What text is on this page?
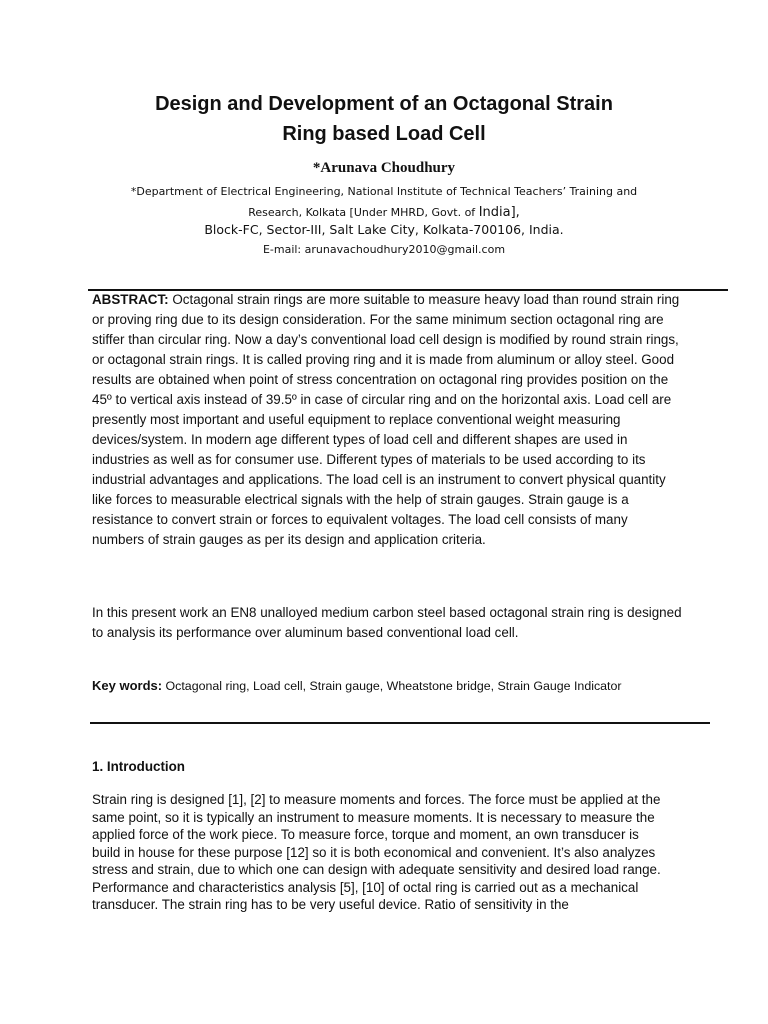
Design and Development of an Octagonal Strain
Ring based Load Cell

*Arunava Choudhury

*Department of Electrical Engineering, National Institute of Technical Teachers’ Training and
Research, Kolkata [Under MHRD, Govt. of India],

Block-FC, Sector-III, Salt Lake City, Kolkata-700106, India.

E-mail: arunavachoudhury2010@gmail.com

ABSTRACT: Octagonal strain rings are more suitable to measure heavy load than round strain ring or proving ring due to its design consideration. For the same minimum section octagonal ring are stiffer than circular ring. Now a day’s conventional load cell design is modified by round strain rings, or octagonal strain rings. It is called proving ring and it is made from aluminum or alloy steel. Good results are obtained when point of stress concentration on octagonal ring provides position on the 45º to vertical axis instead of 39.5º in case of circular ring and on the horizontal axis. Load cell are presently most important and useful equipment to replace conventional weight measuring devices/system. In modern age different types of load cell and different shapes are used in industries as well as for consumer use. Different types of materials to be used according to its industrial advantages and applications. The load cell is an instrument to convert physical quantity like forces to measurable electrical signals with the help of strain gauges. Strain gauge is a resistance to convert strain or forces to equivalent voltages. The load cell consists of many numbers of strain gauges as per its design and application criteria.

In this present work an EN8 unalloyed medium carbon steel based octagonal strain ring is designed to analysis its performance over aluminum based conventional load cell.

Key words: Octagonal ring, Load cell, Strain gauge, Wheatstone bridge, Strain Gauge Indicator

1. Introduction

Strain ring is designed [1], [2] to measure moments and forces. The force must be applied at the same point, so it is typically an instrument to measure moments. It is necessary to measure the applied force of the work piece. To measure force, torque and moment, an own transducer is build in house for these purpose [12] so it is both economical and convenient. It’s also analyzes stress and strain, due to which one can design with adequate sensitivity and desired load range. Performance and characteristics analysis [5], [10] of octal ring is carried out as a mechanical transducer. The strain ring has to be very useful device. Ratio of sensitivity in the
